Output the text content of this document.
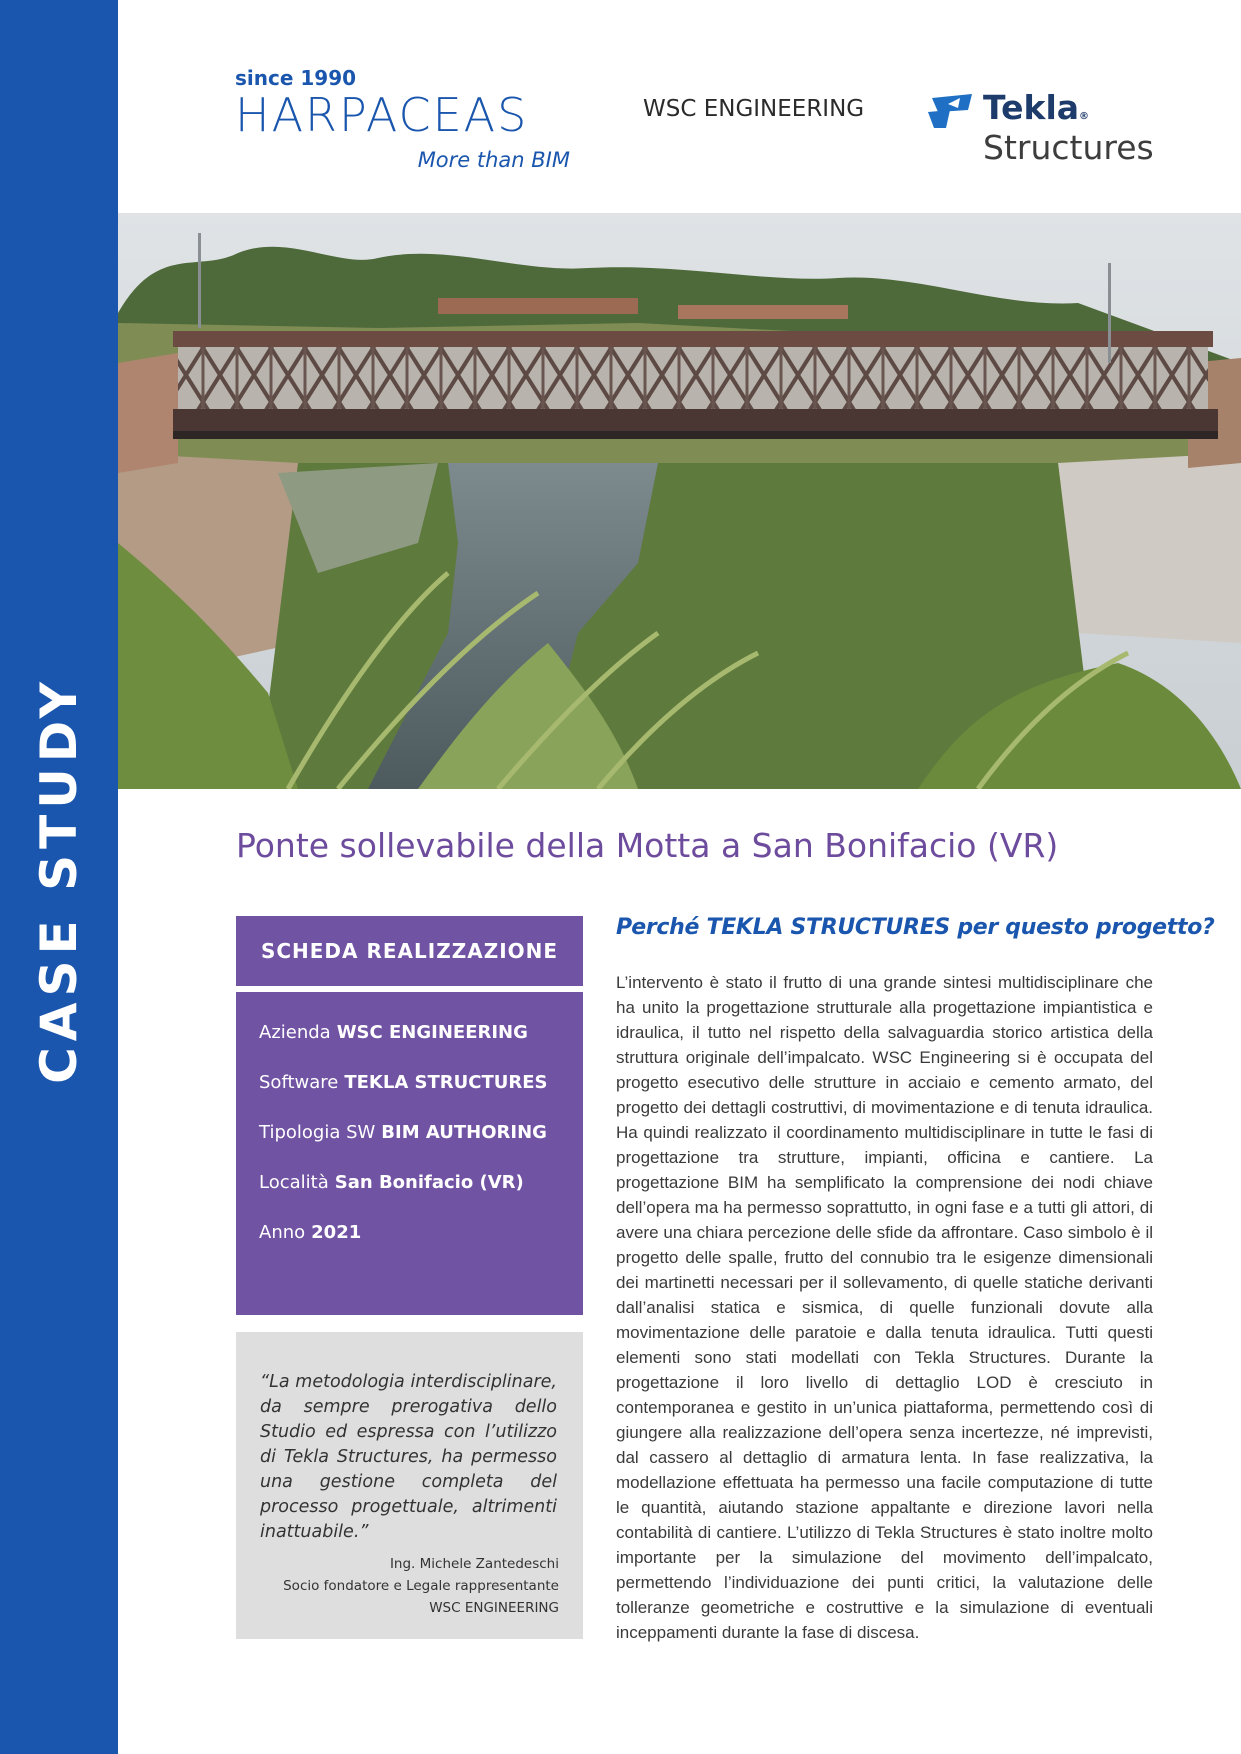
CASE STUDY
since 1990
HARPACEAS
More than BIM
WSC ENGINEERING	Tekla®
Structures
Ponte sollevabile della Motta a San Bonifacio (VR)
SCHEDA REALIZZAZIONE
Azienda WSC ENGINEERING
Software TEKLA STRUCTURES
Tipologia SW BIM AUTHORING
Località San Bonifacio (VR)
Anno 2021

“La metodologia interdisciplinare, da sempre prerogativa dello Studio ed espressa con l’utilizzo di Tekla Structures, ha permesso una gestione completa del processo progettuale, altrimenti inattuabile.”

Ing. Michele Zantedeschi
Socio fondatore e Legale rappresentante
WSC ENGINEERING
Perché TEKLA STRUCTURES per questo progetto?

L’intervento è stato il frutto di una grande sintesi multidisciplinare che ha unito la progettazione strutturale alla progettazione impiantistica e idraulica, il tutto nel rispetto della salvaguardia storico artistica della struttura originale dell’impalcato. WSC Engineering si è occupata del progetto esecutivo delle strutture in acciaio e cemento armato, del progetto dei dettagli costruttivi, di movimentazione e di tenuta idraulica. Ha quindi realizzato il coordinamento multidisciplinare in tutte le fasi di progettazione tra strutture, impianti, officina e cantiere. La progettazione BIM ha semplificato la comprensione dei nodi chiave dell’opera ma ha permesso soprattutto, in ogni fase e a tutti gli attori, di avere una chiara percezione delle sfide da affrontare. Caso simbolo è il progetto delle spalle, frutto del connubio tra le esigenze dimensionali dei martinetti necessari per il sollevamento, di quelle statiche derivanti dall’analisi statica e sismica, di quelle funzionali dovute alla movimentazione delle paratoie e dalla tenuta idraulica. Tutti questi elementi sono stati modellati con Tekla Structures. Durante la progettazione il loro livello di dettaglio LOD è cresciuto in contemporanea e gestito in un’unica piattaforma, permettendo così di giungere alla realizzazione dell’opera senza incertezze, né imprevisti, dal cassero al dettaglio di armatura lenta. In fase realizzativa, la modellazione effettuata ha permesso una facile computazione di tutte le quantità, aiutando stazione appaltante e direzione lavori nella contabilità di cantiere. L’utilizzo di Tekla Structures è stato inoltre molto importante per la simulazione del movimento dell’impalcato, permettendo l’individuazione dei punti critici, la valutazione delle tolleranze geometriche e costruttive e la simulazione di eventuali inceppamenti durante la fase di discesa.
